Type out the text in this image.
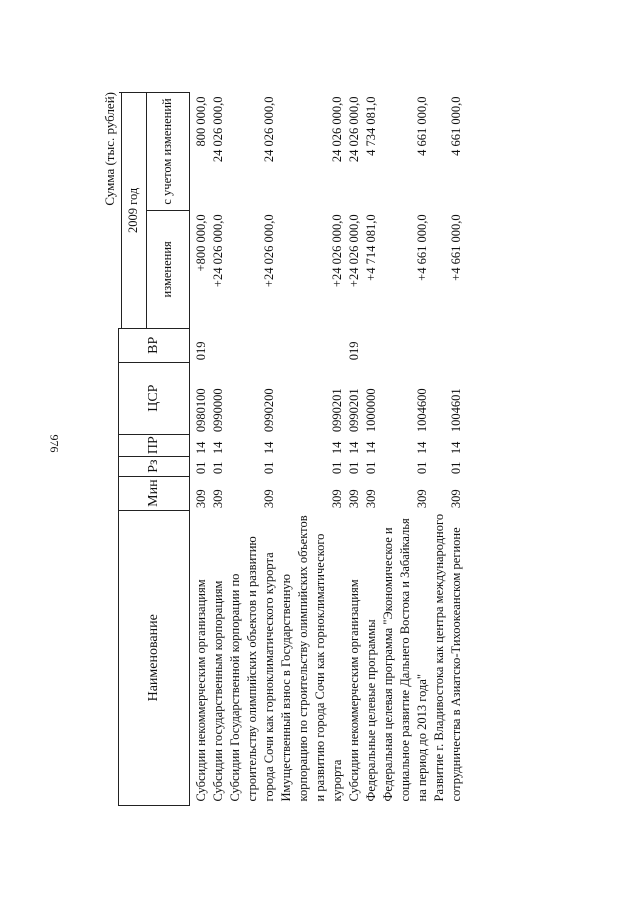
976
Сумма (тыс. рублей)
Наименование	Мин	Рз	ПР	ЦСР	ВР		
						2009 год	
						изменения	с учетом изменений
Субсидии некоммерческим организациям	309	01	14	0980100	019	+800 000,0	800 000,0
Субсидии государственным корпорациям	309	01	14	0990000		+24 026 000,0	24 026 000,0
Субсидии Государственной корпорации по строительству олимпийских объектов и развитию города Сочи как горноклиматического курорта	309	01	14	0990200		+24 026 000,0	24 026 000,0
Имущественный взнос в Государственную корпорацию по строительству олимпийских объектов и развитию города Сочи как горноклиматического курорта	309	01	14	0990201		+24 026 000,0	24 026 000,0
Субсидии некоммерческим организациям	309	01	14	0990201	019	+24 026 000,0	24 026 000,0
Федеральные целевые программы	309	01	14	1000000		+4 714 081,0	4 734 081,0
Федеральная целевая программа "Экономическое и социальное развитие Дальнего Востока и Забайкалья на период до 2013 года"	309	01	14	1004600		+4 661 000,0	4 661 000,0
Развитие г. Владивостока как центра международного сотрудничества в Азиатско-Тихоокеанском регионе	309	01	14	1004601		+4 661 000,0	4 661 000,0
